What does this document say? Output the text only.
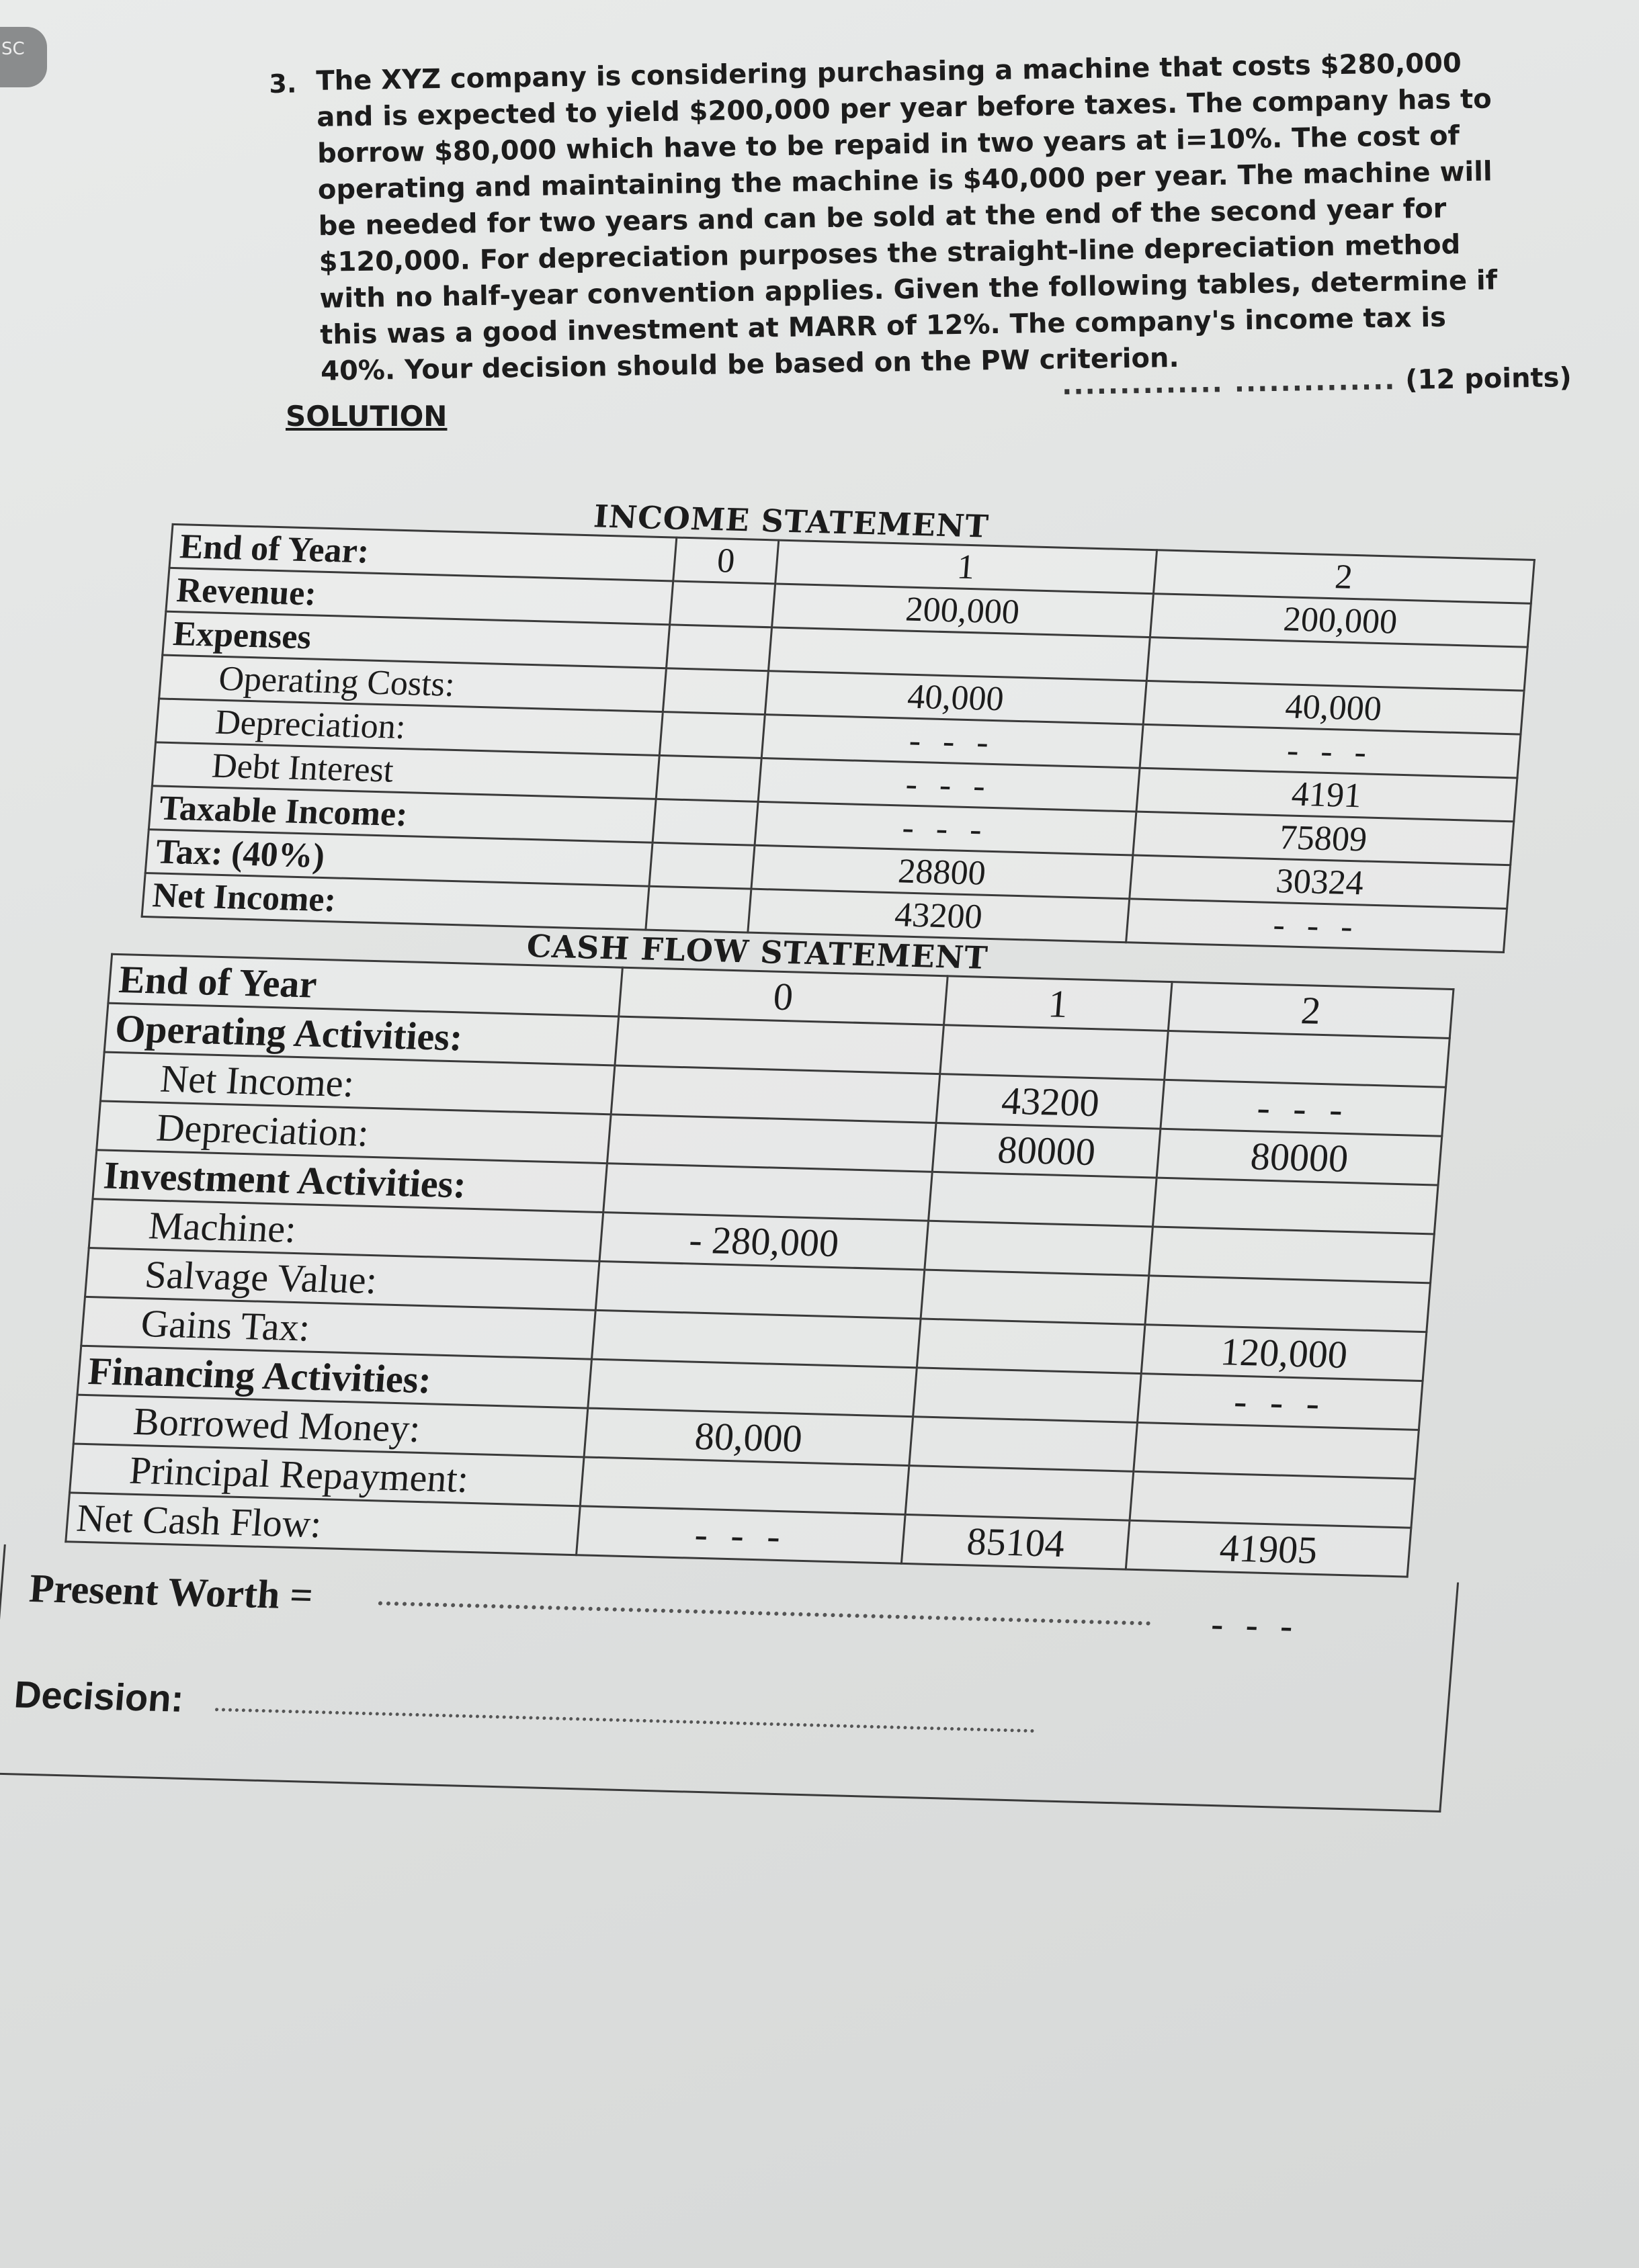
SC
3. The XYZ company is considering purchasing a machine that costs $280,000 and is expected to yield $200,000 per year before taxes. The company has to borrow $80,000 which have to be repaid in two years at i=10%. The cost of operating and maintaining the machine is $40,000 per year. The machine will be needed for two years and can be sold at the end of the second year for $120,000. For depreciation purposes the straight-line depreciation method with no half-year convention applies. Given the following tables, determine if this was a good investment at MARR of 12%. The company's income tax is 40%. Your decision should be based on the PW criterion.

.............. .............. (12 points)
SOLUTION
INCOME STATEMENT
End of Year:	0	1	2
Revenue:		200,000	200,000
Expenses			
Operating Costs:		40,000	40,000
Depreciation:		- - -	- - -
Debt Interest		- - -	4191
Taxable Income:		- - -	75809
Tax: (40%)		28800	30324
Net Income:		43200	- - -
CASH FLOW STATEMENT
End of Year	0	1	2
Operating Activities:			
Net Income:		43200	- - -
Depreciation:		80000	80000
Investment Activities:			
Machine:	- 280,000		
Salvage Value:			
Gains Tax:			120,000
Financing Activities:			- - -
Borrowed Money:	80,000		
Principal Repayment:			
Net Cash Flow:	- - -	85104	41905
Present Worth =
- - -
Decision:
